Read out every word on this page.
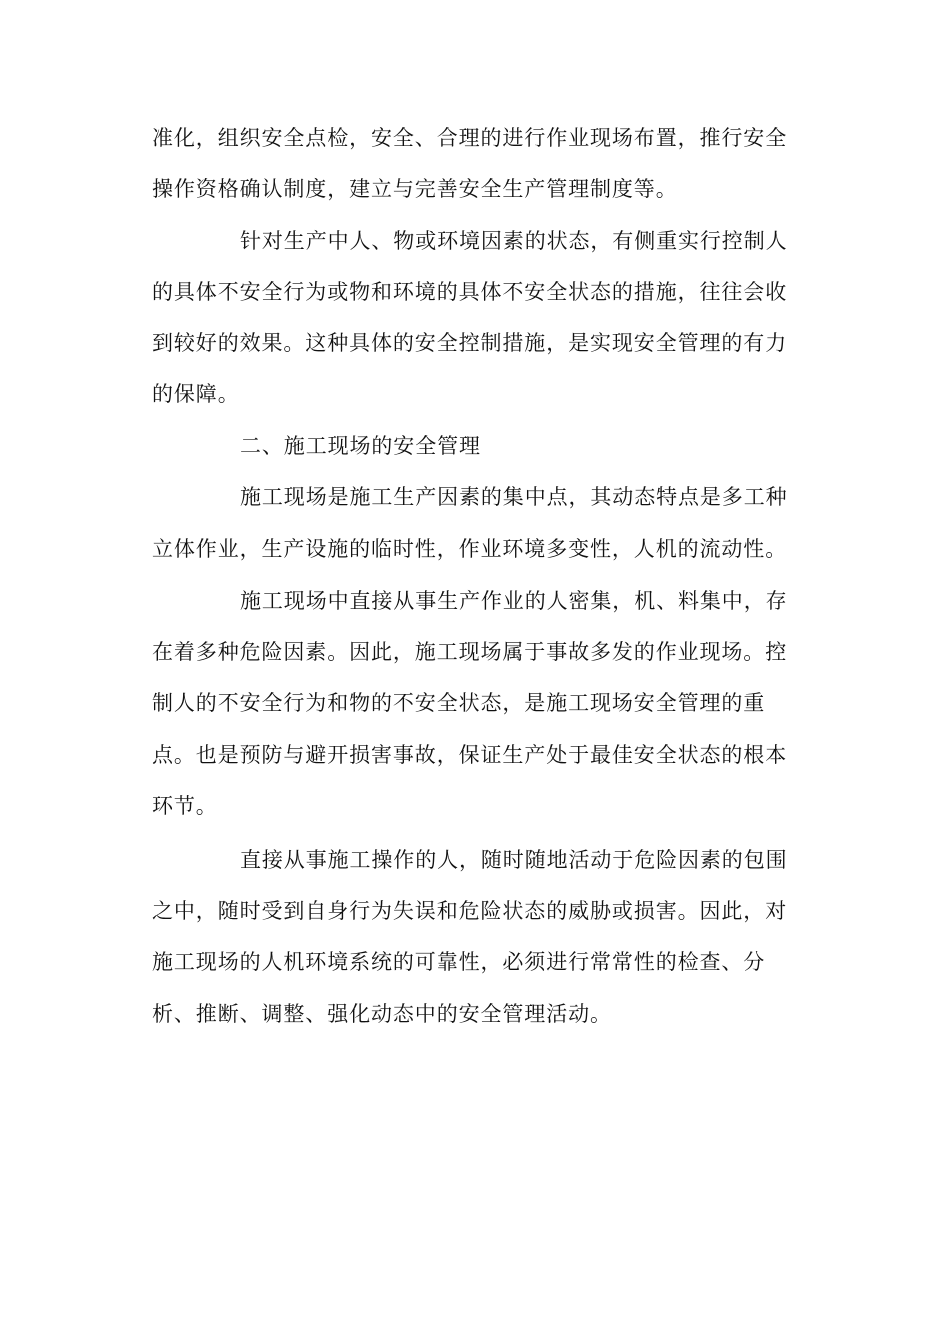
准化，组织安全点检，安全、合理的进行作业现场布置，推行安全

操作资格确认制度，建立与完善安全生产管理制度等。

针对生产中人、物或环境因素的状态，有侧重实行控制人

的具体不安全行为或物和环境的具体不安全状态的措施，往往会收

到较好的效果。这种具体的安全控制措施，是实现安全管理的有力

的保障。

二、施工现场的安全管理

施工现场是施工生产因素的集中点，其动态特点是多工种

立体作业，生产设施的临时性，作业环境多变性，人机的流动性。

施工现场中直接从事生产作业的人密集，机、料集中，存

在着多种危险因素。因此，施工现场属于事故多发的作业现场。控

制人的不安全行为和物的不安全状态，是施工现场安全管理的重

点。也是预防与避开损害事故，保证生产处于最佳安全状态的根本

环节。

直接从事施工操作的人，随时随地活动于危险因素的包围

之中，随时受到自身行为失误和危险状态的威胁或损害。因此，对

施工现场的人机环境系统的可靠性，必须进行常常性的检查、分

析、推断、调整、强化动态中的安全管理活动。
